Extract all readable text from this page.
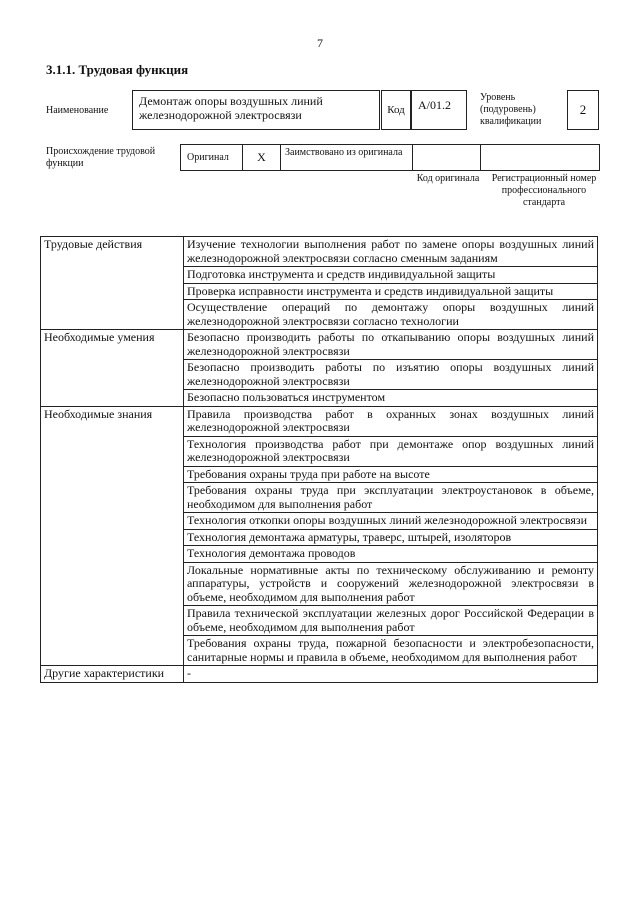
7
3.1.1. Трудовая функция
Наименование
Демонтаж опоры воздушных линий железнодорожной электросвязи	Код	A/01.2
Уровень (подуровень) квалификации
2
Происхождение трудовой функции
Оригинал	X	Заимствовано из оригинала
Код оригинала	Регистрационный номер профессионального стандарта
Трудовые действия	Изучение технологии выполнения работ по замене опоры воздушных линий железнодорожной электросвязи согласно сменным заданиям
	Подготовка инструмента и средств индивидуальной защиты
	Проверка исправности инструмента и средств индивидуальной защиты
	Осуществление операций по демонтажу опоры воздушных линий железнодорожной электросвязи согласно технологии
Необходимые умения	Безопасно производить работы по откапыванию опоры воздушных линий железнодорожной электросвязи
	Безопасно производить работы по изъятию опоры воздушных линий железнодорожной электросвязи
	Безопасно пользоваться инструментом
Необходимые знания	Правила производства работ в охранных зонах воздушных линий железнодорожной электросвязи
	Технология производства работ при демонтаже опор воздушных линий железнодорожной электросвязи
	Требования охраны труда при работе на высоте
	Требования охраны труда при эксплуатации электроустановок в объеме, необходимом для выполнения работ
	Технология откопки опоры воздушных линий железнодорожной электросвязи
	Технология демонтажа арматуры, траверс, штырей, изоляторов
	Технология демонтажа проводов
	Локальные нормативные акты по техническому обслуживанию и ремонту аппаратуры, устройств и сооружений железнодорожной электросвязи в объеме, необходимом для выполнения работ
	Правила технической эксплуатации железных дорог Российской Федерации в объеме, необходимом для выполнения работ
	Требования охраны труда, пожарной безопасности и электробезопасности, санитарные нормы и правила в объеме, необходимом для выполнения работ
Другие характеристики	-
